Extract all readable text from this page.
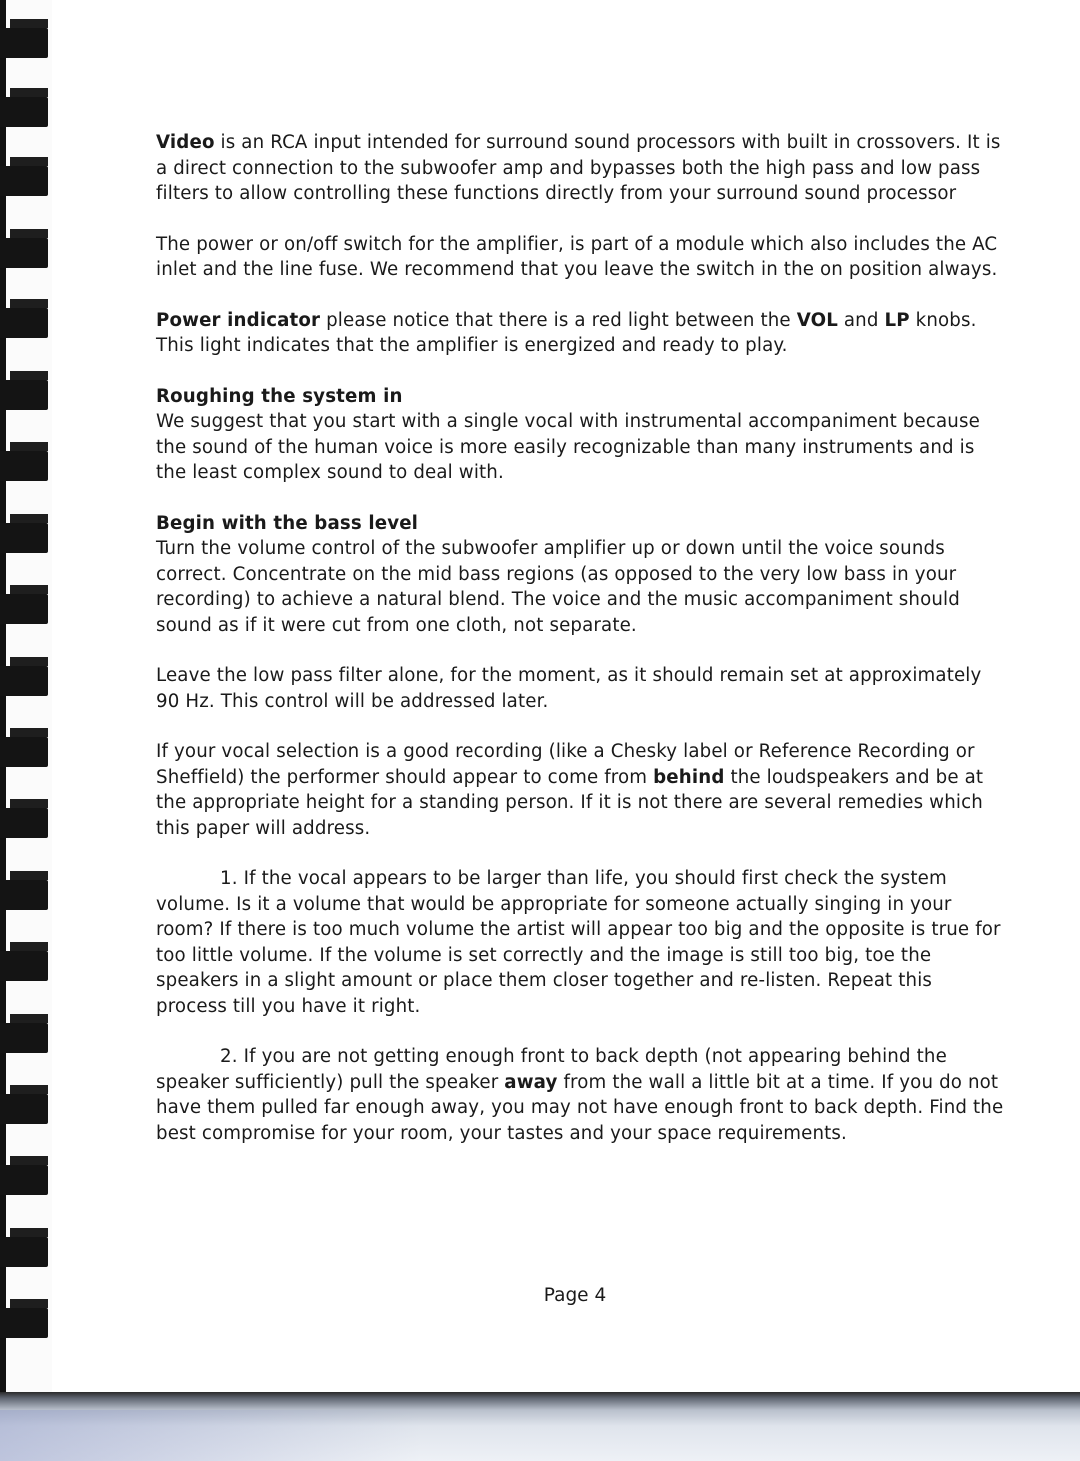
Video is an RCA input intended for surround sound processors with built in crossovers. It is a direct connection to the subwoofer amp and bypasses both the high pass and low pass filters to allow controlling these functions directly from your surround sound processor

The power or on/off switch for the amplifier, is part of a module which also includes the AC inlet and the line fuse. We recommend that you leave the switch in the on position always.

Power indicator please notice that there is a red light between the VOL and LP knobs. This light indicates that the amplifier is energized and ready to play.

Roughing the system in
We suggest that you start with a single vocal with instrumental accompaniment because the sound of the human voice is more easily recognizable than many instruments and is the least complex sound to deal with.

Begin with the bass level
Turn the volume control of the subwoofer amplifier up or down until the voice sounds correct. Concentrate on the mid bass regions (as opposed to the very low bass in your recording) to achieve a natural blend. The voice and the music accompaniment should sound as if it were cut from one cloth, not separate.

Leave the low pass filter alone, for the moment, as it should remain set at approximately 90 Hz. This control will be addressed later.

If your vocal selection is a good recording (like a Chesky label or Reference Recording or Sheffield) the performer should appear to come from behind the loudspeakers and be at the appropriate height for a standing person. If it is not there are several remedies which this paper will address.

1. If the vocal appears to be larger than life, you should first check the system volume. Is it a volume that would be appropriate for someone actually singing in your room? If there is too much volume the artist will appear too big and the opposite is true for too little volume. If the volume is set correctly and the image is still too big, toe the speakers in a slight amount or place them closer together and re-listen. Repeat this process till you have it right.

2. If you are not getting enough front to back depth (not appearing behind the speaker sufficiently) pull the speaker away from the wall a little bit at a time. If you do not have them pulled far enough away, you may not have enough front to back depth. Find the best compromise for your room, your tastes and your space requirements.

Page 4
